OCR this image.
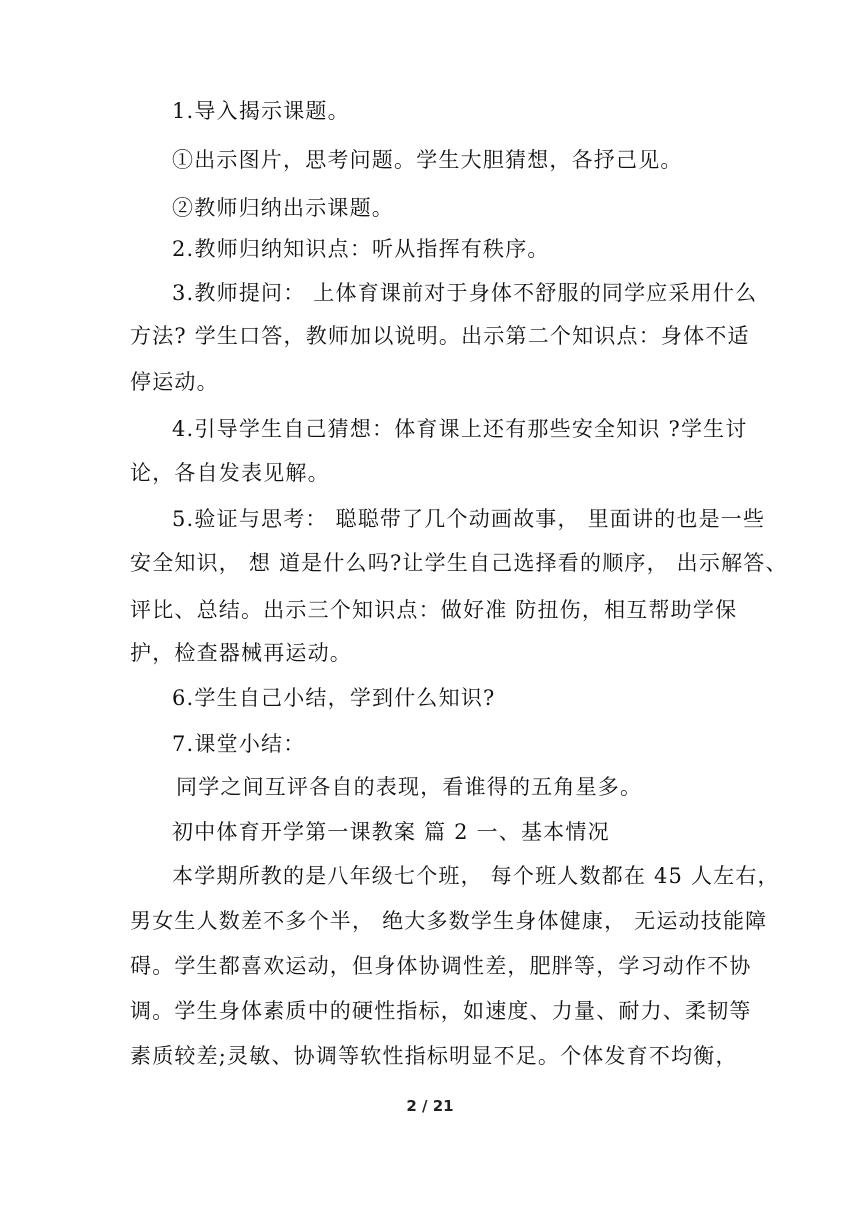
1.导入揭示课题。
①出示图片，思考问题。学生大胆猜想，各抒己见。
②教师归纳出示课题。
2.教师归纳知识点：听从指挥有秩序。
3.教师提问： 上体育课前对于身体不舒服的同学应采用什么
方法? 学生口答，教师加以说明。出示第二个知识点：身体不适
停运动。
4.引导学生自己猜想：体育课上还有那些安全知识 ?学生讨
论，各自发表见解。
5.验证与思考： 聪聪带了几个动画故事， 里面讲的也是一些
安全知识， 想 道是什么吗?让学生自己选择看的顺序， 出示解答、
评比、总结。出示三个知识点：做好准 防扭伤，相互帮助学保
护，检查器械再运动。
6.学生自己小结，学到什么知识?
7.课堂小结：
同学之间互评各自的表现，看谁得的五角星多。
初中体育开学第一课教案 篇 2 一、基本情况
本学期所教的是八年级七个班， 每个班人数都在 45 人左右，
男女生人数差不多个半， 绝大多数学生身体健康， 无运动技能障
碍。学生都喜欢运动，但身体协调性差，肥胖等，学习动作不协
调。学生身体素质中的硬性指标，如速度、力量、耐力、柔韧等
素质较差;灵敏、协调等软性指标明显不足。个体发育不均衡，
2 / 21
